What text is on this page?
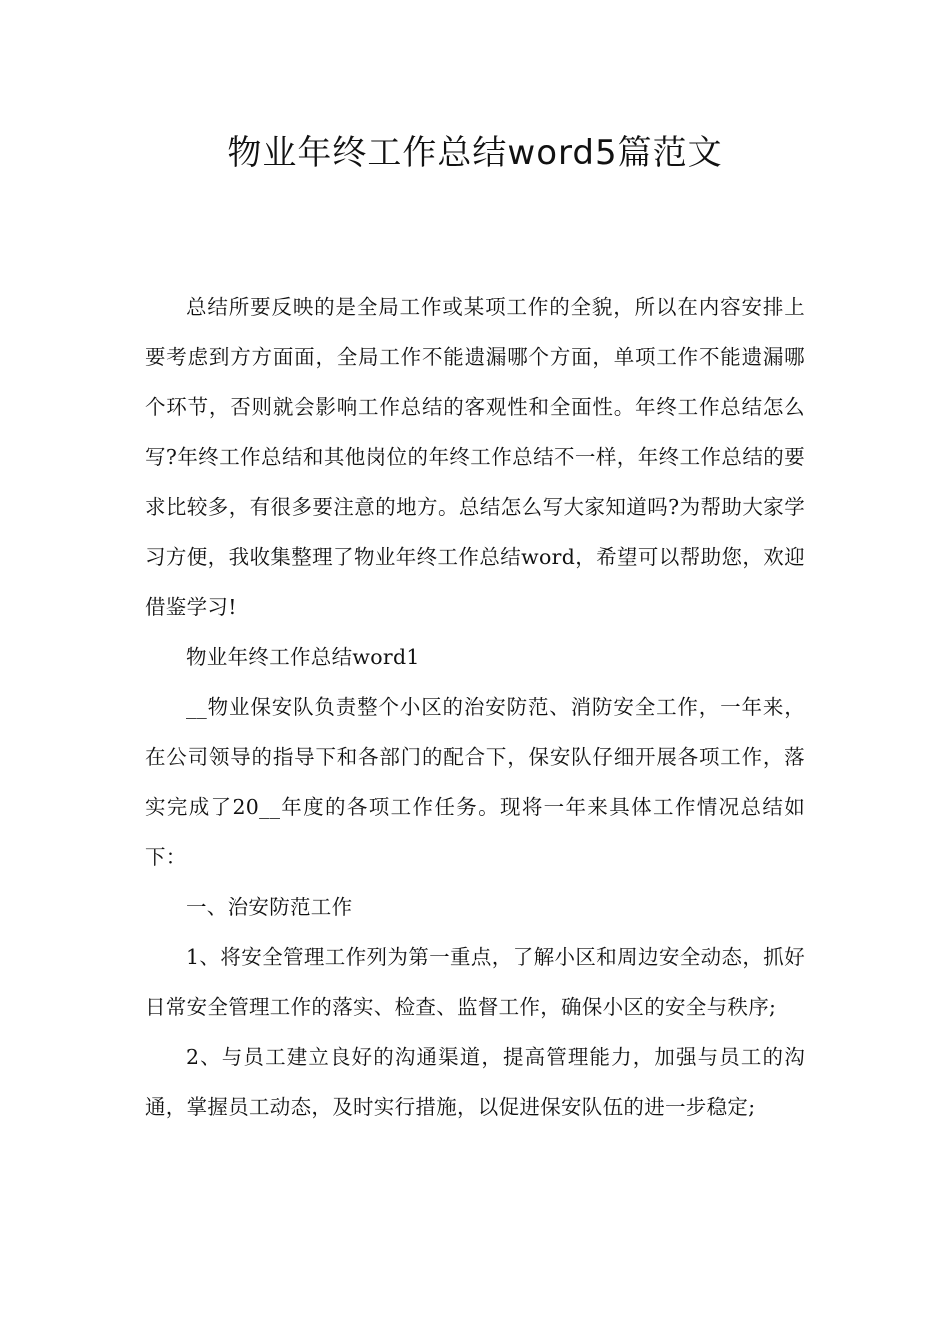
物业年终工作总结word5篇范文

总结所要反映的是全局工作或某项工作的全貌，所以在内容安排上要考虑到方方面面，全局工作不能遗漏哪个方面，单项工作不能遗漏哪个环节，否则就会影响工作总结的客观性和全面性。年终工作总结怎么写?年终工作总结和其他岗位的年终工作总结不一样，年终工作总结的要求比较多，有很多要注意的地方。总结怎么写大家知道吗?为帮助大家学习方便，我收集整理了物业年终工作总结word，希望可以帮助您，欢迎借鉴学习!

物业年终工作总结word1

__物业保安队负责整个小区的治安防范、消防安全工作，一年来，在公司领导的指导下和各部门的配合下，保安队仔细开展各项工作，落实完成了20__年度的各项工作任务。现将一年来具体工作情况总结如下：

一、治安防范工作

1、将安全管理工作列为第一重点，了解小区和周边安全动态，抓好日常安全管理工作的落实、检查、监督工作，确保小区的安全与秩序;

2、与员工建立良好的沟通渠道，提高管理能力，加强与员工的沟通，掌握员工动态，及时实行措施，以促进保安队伍的进一步稳定;
